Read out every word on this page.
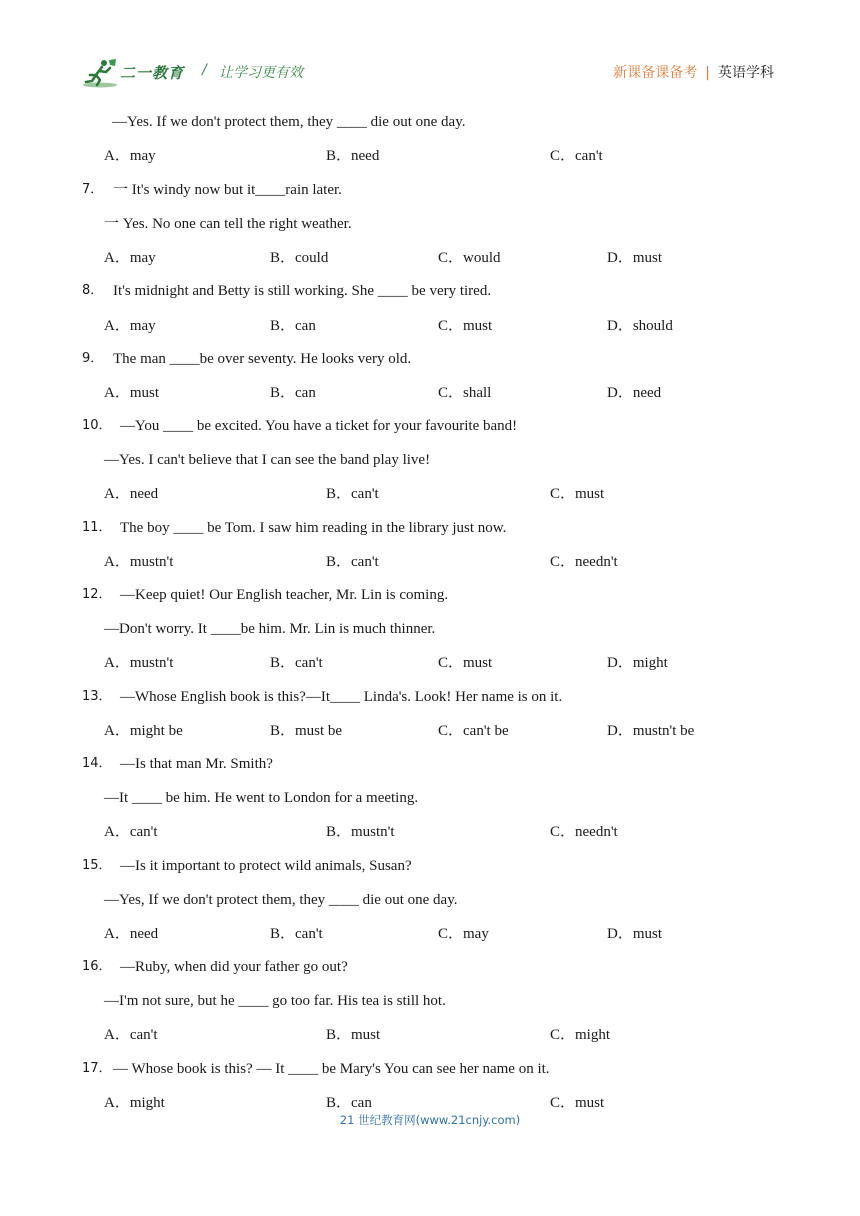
二一教育 / 让学习更有效	新课备课备考 | 英语学科
—Yes. If we don't protect them, they ____ die out one day.
A．may	B．need	C．can't
7． 一 It's windy now but it____rain later.
一 Yes. No one can tell the right weather.
A．may	B．could	C．would	D．must
8． It's midnight and Betty is still working. She ____ be very tired.
A．may	B．can	C．must	D．should
9． The man ____be over seventy. He looks very old.
A．must	B．can	C．shall	D．need
10． —You ____ be excited. You have a ticket for your favourite band!
—Yes. I can't believe that I can see the band play live!
A．need	B．can't	C．must
11． The boy ____ be Tom. I saw him reading in the library just now.
A．mustn't	B．can't	C．needn't
12． —Keep quiet! Our English teacher, Mr. Lin is coming.
—Don't worry. It ____be him. Mr. Lin is much thinner.
A．mustn't	B．can't	C．must	D．might
13． —Whose English book is this?—It____ Linda's. Look! Her name is on it.
A．might be	B．must be	C．can't be	D．mustn't be
14． —Is that man Mr. Smith?
—It ____ be him. He went to London for a meeting.
A．can't	B．mustn't	C．needn't
15． —Is it important to protect wild animals, Susan?
—Yes, If we don't protect them, they ____ die out one day.
A．need	B．can't	C．may	D．must
16． —Ruby, when did your father go out?
—I'm not sure, but he ____ go too far. His tea is still hot.
A．can't	B．must	C．might
17． — Whose book is this? — It ____ be Mary's You can see her name on it.
A．might	B．can	C．must
21 世纪教育网(www.21cnjy.com)
